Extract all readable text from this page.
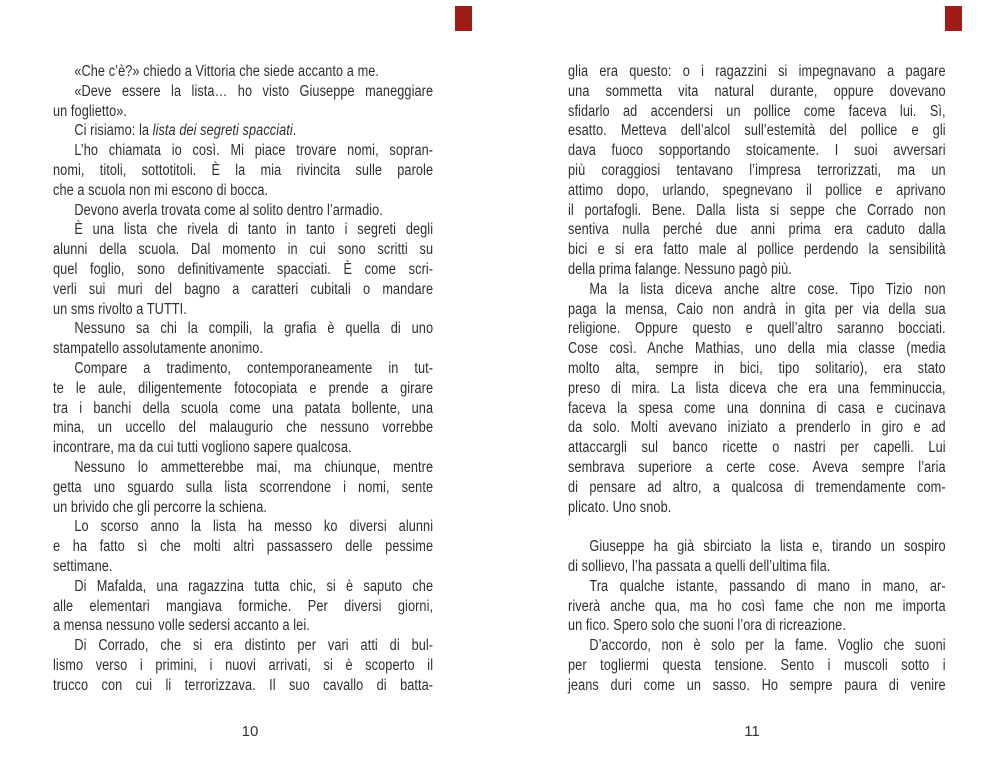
«Che c’è?» chiedo a Vittoria che siede accanto a me.
«Deve essere la lista… ho visto Giuseppe maneggiare
un foglietto».
Ci risiamo: la lista dei segreti spacciati.
L’ho chiamata io così. Mi piace trovare nomi, sopran-
nomi, titoli, sottotitoli. È la mia rivincita sulle parole
che a scuola non mi escono di bocca.
Devono averla trovata come al solito dentro l’armadio.
È una lista che rivela di tanto in tanto i segreti degli
alunni della scuola. Dal momento in cui sono scritti su
quel foglio, sono definitivamente spacciati. È come scri-
verli sui muri del bagno a caratteri cubitali o mandare
un sms rivolto a TUTTI.
Nessuno sa chi la compili, la grafia è quella di uno
stampatello assolutamente anonimo.
Compare a tradimento, contemporaneamente in tut-
te le aule, diligentemente fotocopiata e prende a girare
tra i banchi della scuola come una patata bollente, una
mina, un uccello del malaugurio che nessuno vorrebbe
incontrare, ma da cui tutti vogliono sapere qualcosa.
Nessuno lo ammetterebbe mai, ma chiunque, mentre
getta uno sguardo sulla lista scorrendone i nomi, sente
un brivido che gli percorre la schiena.
Lo scorso anno la lista ha messo ko diversi alunni
e ha fatto sì che molti altri passassero delle pessime
settimane.
Di Mafalda, una ragazzina tutta chic, si è saputo che
alle elementari mangiava formiche. Per diversi giorni,
a mensa nessuno volle sedersi accanto a lei.
Di Corrado, che si era distinto per vari atti di bul-
lismo verso i primini, i nuovi arrivati, si è scoperto il
trucco con cui li terrorizzava. Il suo cavallo di batta-
glia era questo: o i ragazzini si impegnavano a pagare
una sommetta vita natural durante, oppure dovevano
sfidarlo ad accendersi un pollice come faceva lui. Sì,
esatto. Metteva dell’alcol sull’estemità del pollice e gli
dava fuoco sopportando stoicamente. I suoi avversari
più coraggiosi tentavano l’impresa terrorizzati, ma un
attimo dopo, urlando, spegnevano il pollice e aprivano
il portafogli. Bene. Dalla lista si seppe che Corrado non
sentiva nulla perché due anni prima era caduto dalla
bici e si era fatto male al pollice perdendo la sensibilità
della prima falange. Nessuno pagò più.
Ma la lista diceva anche altre cose. Tipo Tizio non
paga la mensa, Caio non andrà in gita per via della sua
religione. Oppure questo e quell’altro saranno bocciati.
Cose così. Anche Mathias, uno della mia classe (media
molto alta, sempre in bici, tipo solitario), era stato
preso di mira. La lista diceva che era una femminuccia,
faceva la spesa come una donnina di casa e cucinava
da solo. Molti avevano iniziato a prenderlo in giro e ad
attaccargli sul banco ricette o nastri per capelli. Lui
sembrava superiore a certe cose. Aveva sempre l’aria
di pensare ad altro, a qualcosa di tremendamente com-
plicato. Uno snob.

Giuseppe ha già sbirciato la lista e, tirando un sospiro
di sollievo, l’ha passata a quelli dell’ultima fila.
Tra qualche istante, passando di mano in mano, ar-
riverà anche qua, ma ho così fame che non me importa
un fico. Spero solo che suoni l’ora di ricreazione.
D’accordo, non è solo per la fame. Voglio che suoni
per togliermi questa tensione. Sento i muscoli sotto i
jeans duri come un sasso. Ho sempre paura di venire
10	11
